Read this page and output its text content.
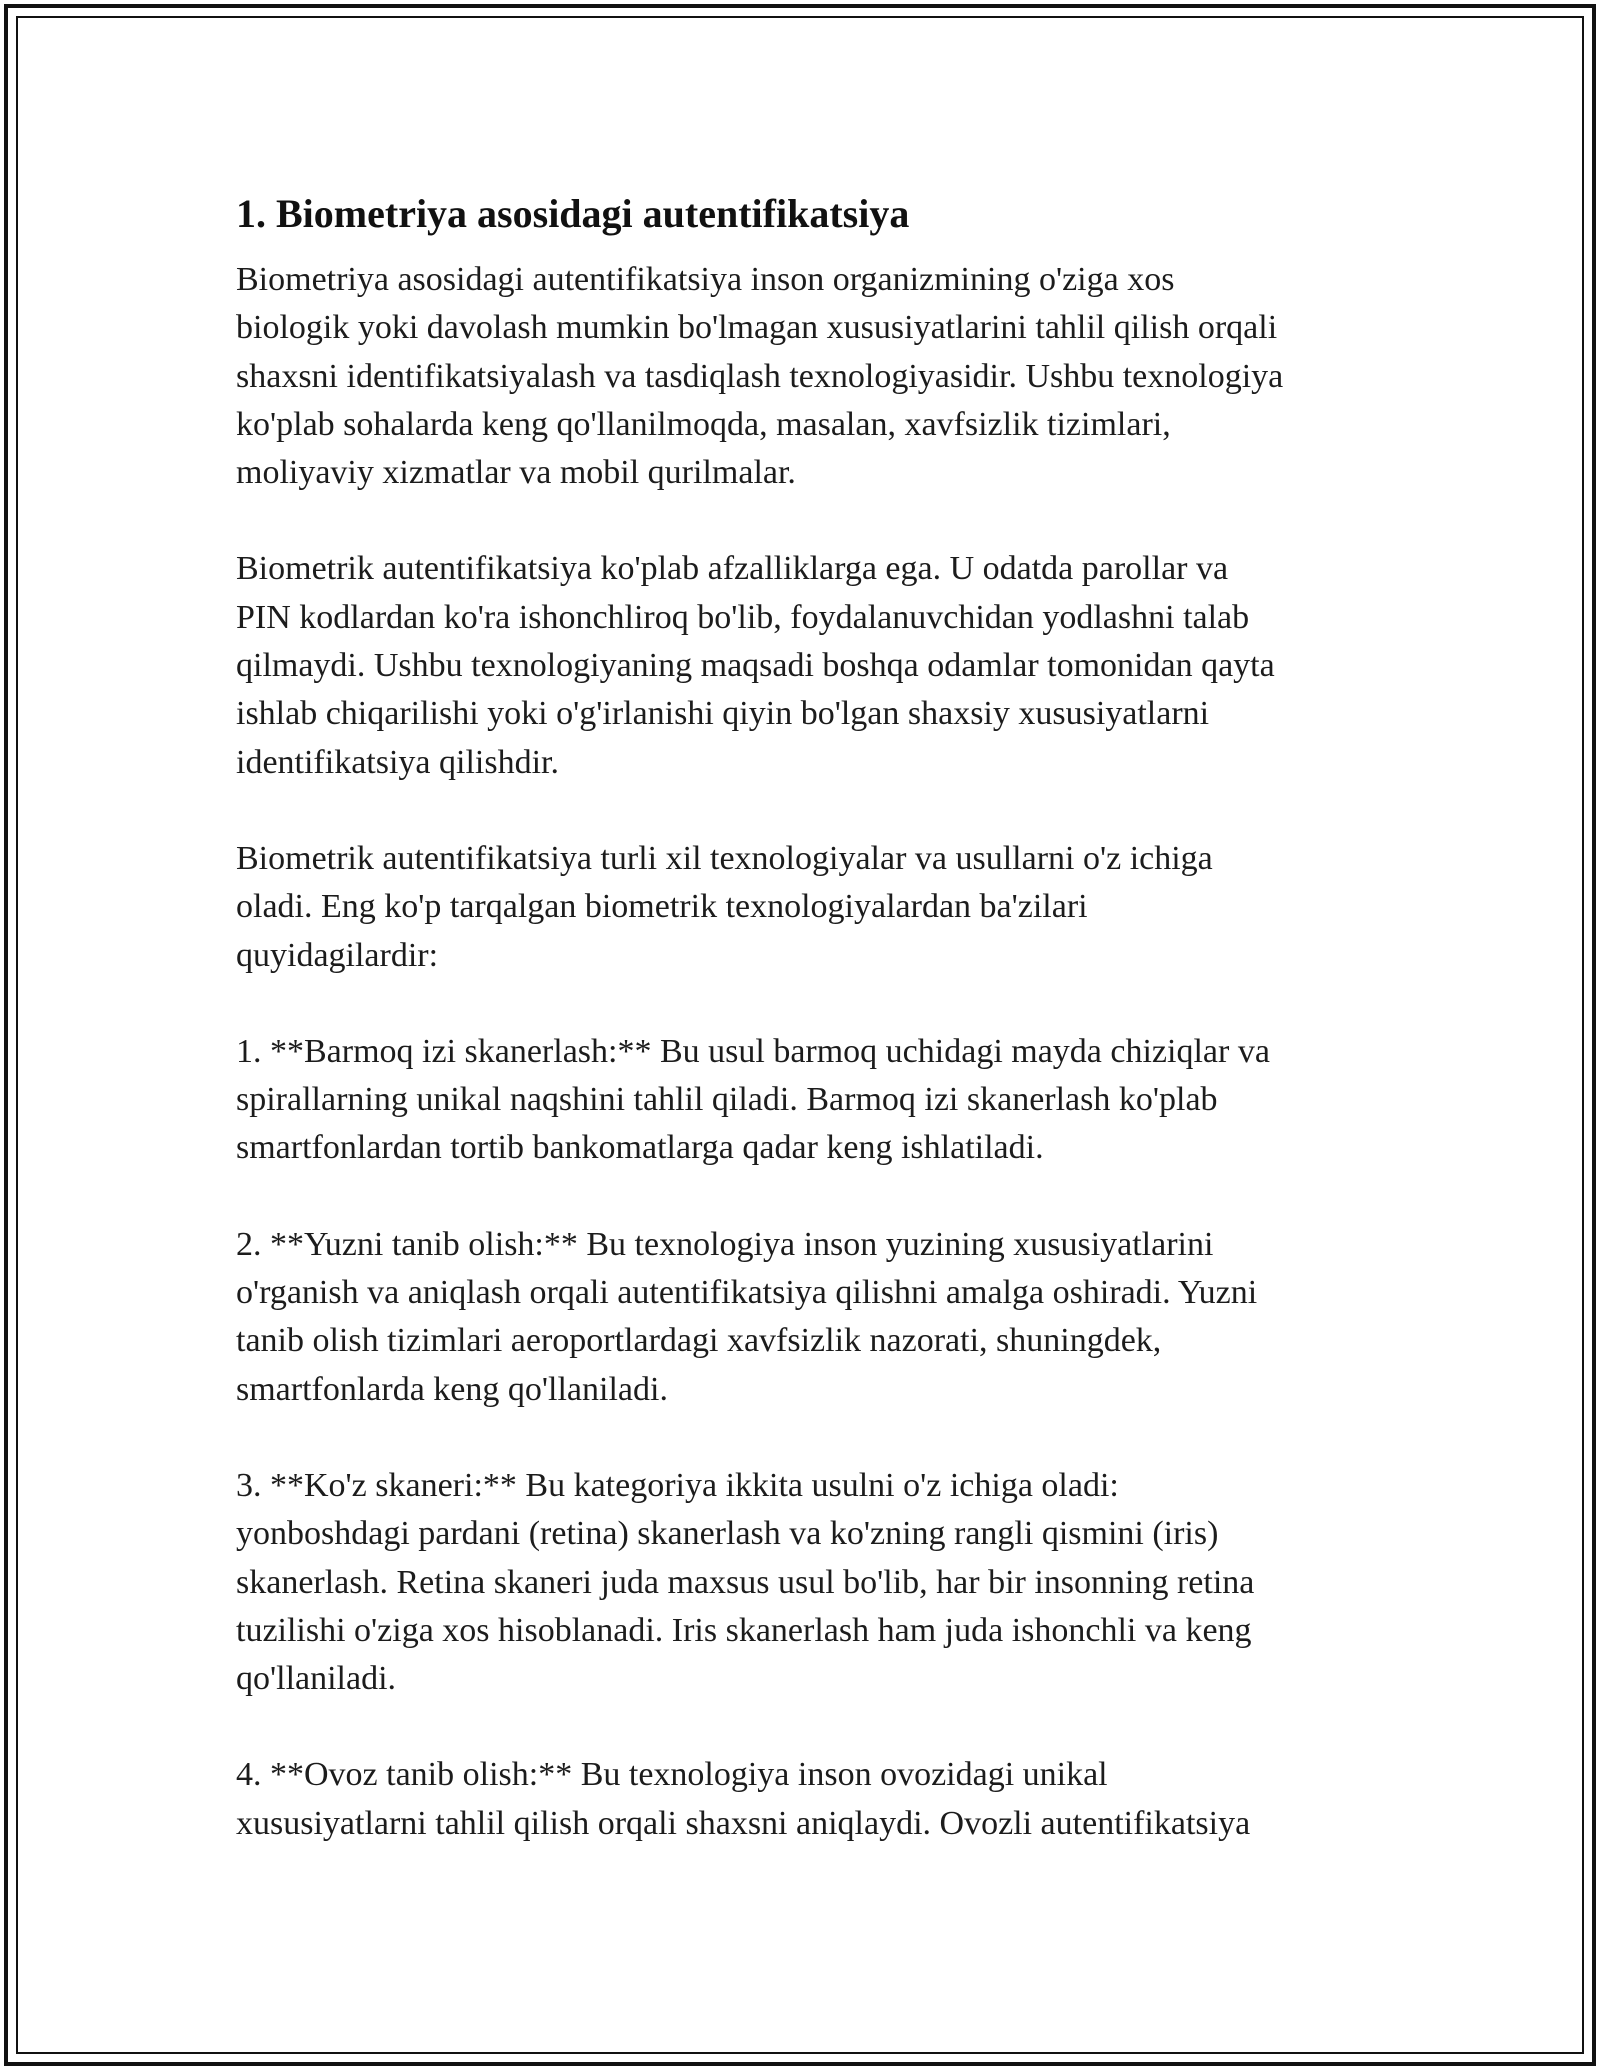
1. Biometriya asosidagi autentifikatsiya

Biometriya asosidagi autentifikatsiya inson organizmining o'ziga xos
biologik yoki davolash mumkin bo'lmagan xususiyatlarini tahlil qilish orqali
shaxsni identifikatsiyalash va tasdiqlash texnologiyasidir. Ushbu texnologiya
ko'plab sohalarda keng qo'llanilmoqda, masalan, xavfsizlik tizimlari,
moliyaviy xizmatlar va mobil qurilmalar.

Biometrik autentifikatsiya ko'plab afzalliklarga ega. U odatda parollar va
PIN kodlardan ko'ra ishonchliroq bo'lib, foydalanuvchidan yodlashni talab
qilmaydi. Ushbu texnologiyaning maqsadi boshqa odamlar tomonidan qayta
ishlab chiqarilishi yoki o'g'irlanishi qiyin bo'lgan shaxsiy xususiyatlarni
identifikatsiya qilishdir.

Biometrik autentifikatsiya turli xil texnologiyalar va usullarni o'z ichiga
oladi. Eng ko'p tarqalgan biometrik texnologiyalardan ba'zilari
quyidagilardir:

1. **Barmoq izi skanerlash:** Bu usul barmoq uchidagi mayda chiziqlar va
spirallarning unikal naqshini tahlil qiladi. Barmoq izi skanerlash ko'plab
smartfonlardan tortib bankomatlarga qadar keng ishlatiladi.

2. **Yuzni tanib olish:** Bu texnologiya inson yuzining xususiyatlarini
o'rganish va aniqlash orqali autentifikatsiya qilishni amalga oshiradi. Yuzni
tanib olish tizimlari aeroportlardagi xavfsizlik nazorati, shuningdek,
smartfonlarda keng qo'llaniladi.

3. **Ko'z skaneri:** Bu kategoriya ikkita usulni o'z ichiga oladi:
yonboshdagi pardani (retina) skanerlash va ko'zning rangli qismini (iris)
skanerlash. Retina skaneri juda maxsus usul bo'lib, har bir insonning retina
tuzilishi o'ziga xos hisoblanadi. Iris skanerlash ham juda ishonchli va keng
qo'llaniladi.

4. **Ovoz tanib olish:** Bu texnologiya inson ovozidagi unikal
xususiyatlarni tahlil qilish orqali shaxsni aniqlaydi. Ovozli autentifikatsiya
